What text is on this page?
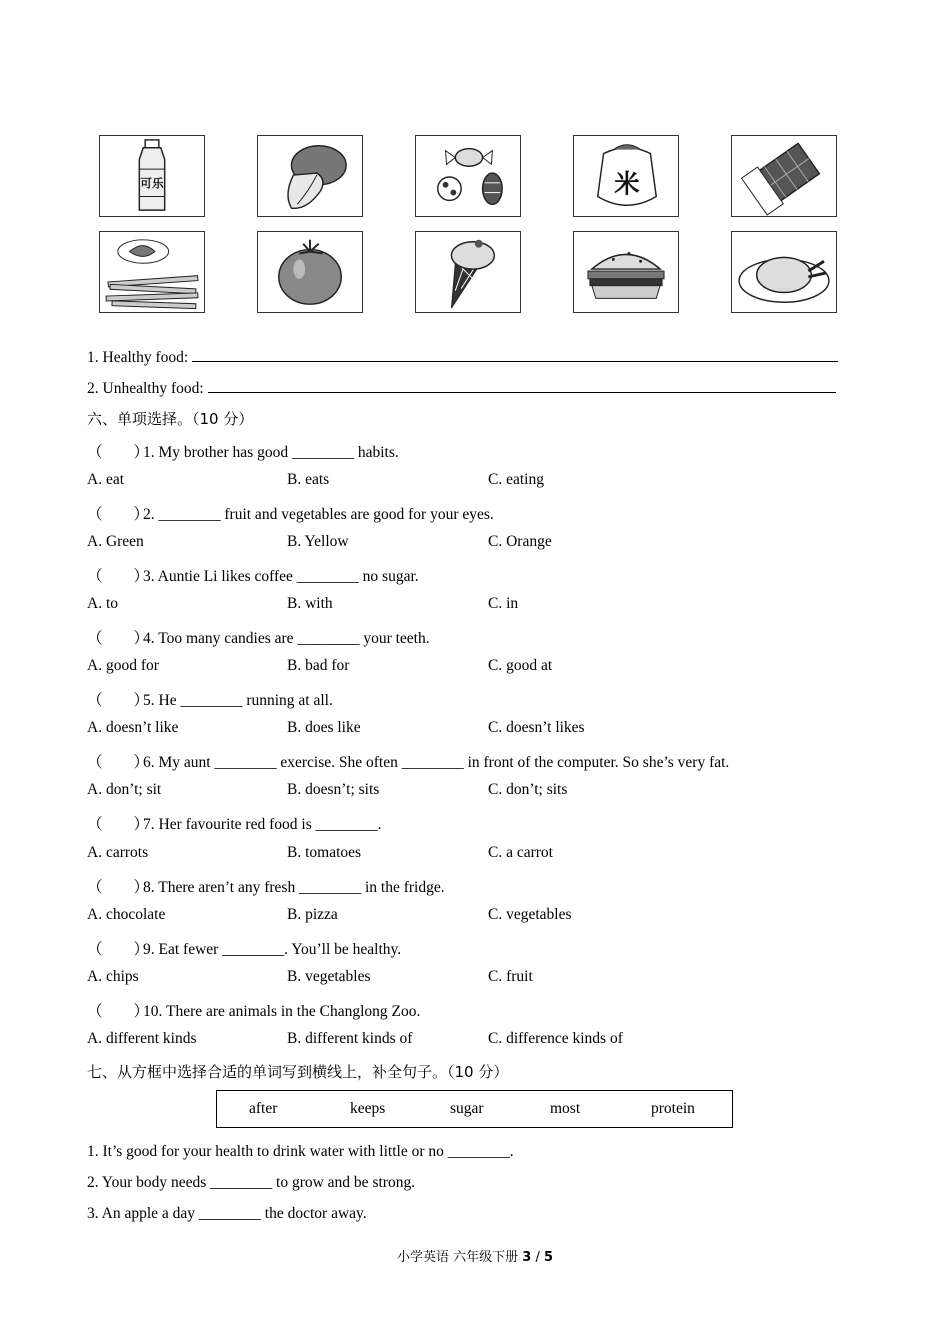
可乐	米
1. Healthy food:
2. Unhealthy food:
六、单项选择。（10 分）
（　　）1. My brother has good ________ habits.
A. eat	B. eats	C. eating
（　　）2. ________ fruit and vegetables are good for your eyes.
A. Green	B. Yellow	C. Orange
（　　）3. Auntie Li likes coffee ________ no sugar.
A. to	B. with	C. in
（　　）4. Too many candies are ________ your teeth.
A. good for	B. bad for	C. good at
（　　）5. He ________ running at all.
A. doesn’t like	B. does like	C. doesn’t likes
（　　）6. My aunt ________ exercise. She often ________ in front of the computer. So she’s very fat.
A. don’t; sit	B. doesn’t; sits	C. don’t; sits
（　　）7. Her favourite red food is ________.
A. carrots	B. tomatoes	C. a carrot
（　　）8. There aren’t any fresh ________ in the fridge.
A. chocolate	B. pizza	C. vegetables
（　　）9. Eat fewer ________. You’ll be healthy.
A. chips	B. vegetables	C. fruit
（　　）10. There are animals in the Changlong Zoo.
A. different kinds	B. different kinds of	C. difference kinds of
七、从方框中选择合适的单词写到横线上，补全句子。（10 分）
after	keeps	sugar	most	protein
1. It’s good for your health to drink water with little or no ________.
2. Your body needs ________ to grow and be strong.
3. An apple a day ________ the doctor away.
小学英语 六年级下册 3 / 5
